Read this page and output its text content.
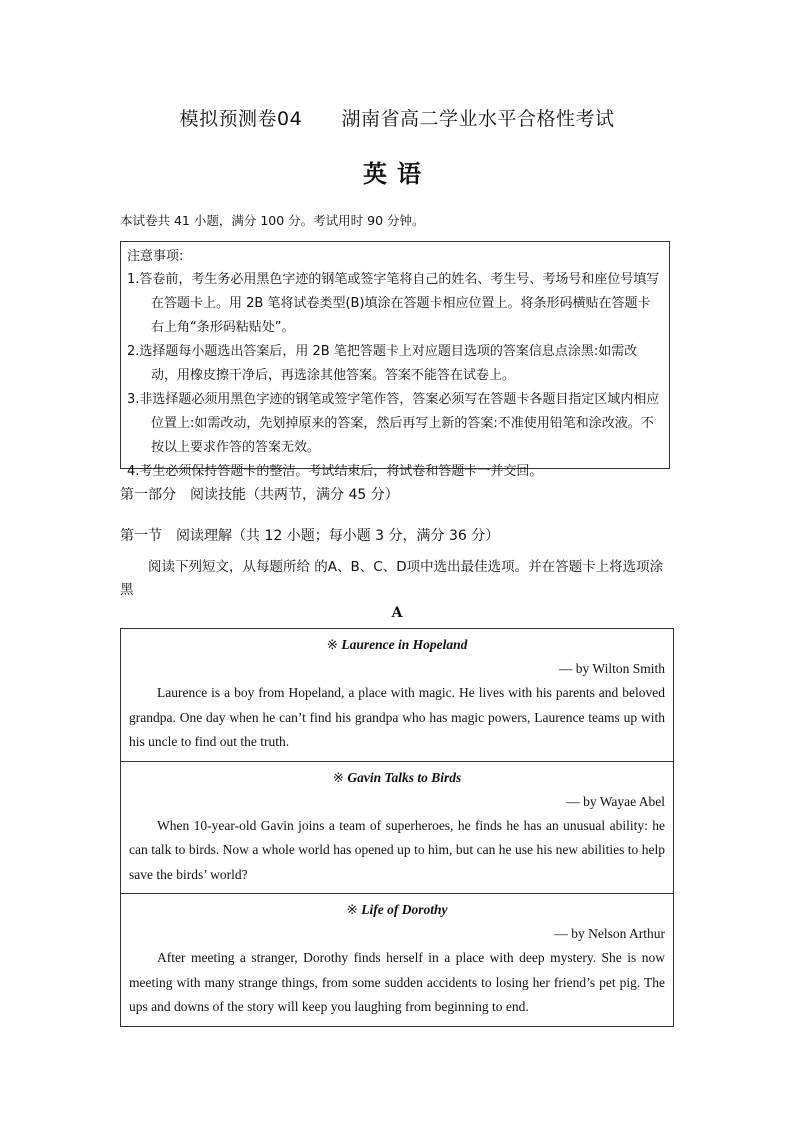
模拟预测卷04 湖南省高二学业水平合格性考试
英语
本试卷共 41 小题，满分 100 分。考试用时 90 分钟。
注意事项:
1.答卷前，考生务必用黑色字迹的钢笔或签字笔将自己的姓名、考生号、考场号和座位号填写在答题卡上。用 2B 笔将试卷类型(B)填涂在答题卡相应位置上。将条形码横贴在答题卡右上角“条形码粘贴处”。
2.选择题每小题选出答案后，用 2B 笔把答题卡上对应题目选项的答案信息点涂黑:如需改动，用橡皮擦干净后，再选涂其他答案。答案不能答在试卷上。
3.非选择题必须用黑色字迹的钢笔或签字笔作答，答案必须写在答题卡各题目指定区域内相应位置上:如需改动，先划掉原来的答案，然后再写上新的答案:不准使用铅笔和涂改液。不按以上要求作答的答案无效。
4.考生必须保持答题卡的整洁。考试结束后，将试卷和答题卡一并交回。
第一部分　阅读技能（共两节，满分 45 分）
第一节　阅读理解（共 12 小题；每小题 3 分，满分 36 分）
阅读下列短文，从每题所给 的A、B、C、D项中选出最佳选项。并在答题卡上将选项涂黑
A
※ Laurence in Hopeland
— by Wilton Smith
Laurence is a boy from Hopeland, a place with magic. He lives with his parents and beloved grandpa. One day when he can’t find his grandpa who has magic powers, Laurence teams up with his uncle to find out the truth.
※ Gavin Talks to Birds
— by Wayae Abel
When 10-year-old Gavin joins a team of superheroes, he finds he has an unusual ability: he can talk to birds. Now a whole world has opened up to him, but can he use his new abilities to help save the birds’ world?
※ Life of Dorothy
— by Nelson Arthur
After meeting a stranger, Dorothy finds herself in a place with deep mystery. She is now meeting with many strange things, from some sudden accidents to losing her friend’s pet pig. The ups and downs of the story will keep you laughing from beginning to end.
